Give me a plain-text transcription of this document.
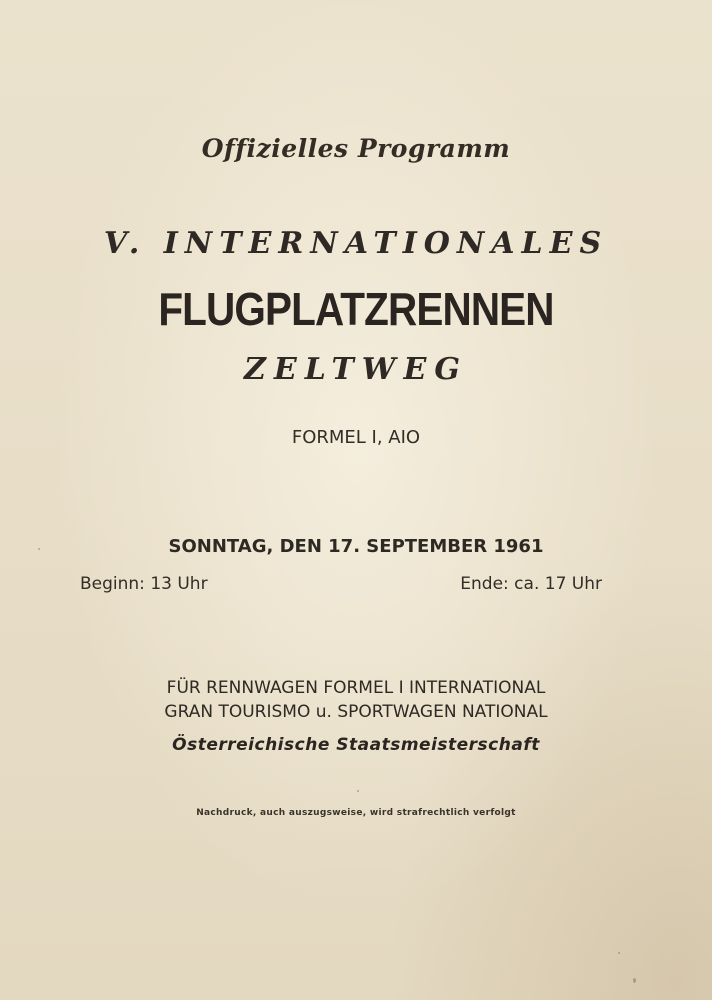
Offizielles Programm
V. INTERNATIONALES
FLUGPLATZRENNEN
ZELTWEG
FORMEL I, AIO
SONNTAG, DEN 17. SEPTEMBER 1961
Beginn: 13 Uhr	Ende: ca. 17 Uhr
FÜR RENNWAGEN FORMEL I INTERNATIONAL
GRAN TOURISMO u. SPORTWAGEN NATIONAL
Österreichische Staatsmeisterschaft
Nachdruck, auch auszugsweise, wird strafrechtlich verfolgt
